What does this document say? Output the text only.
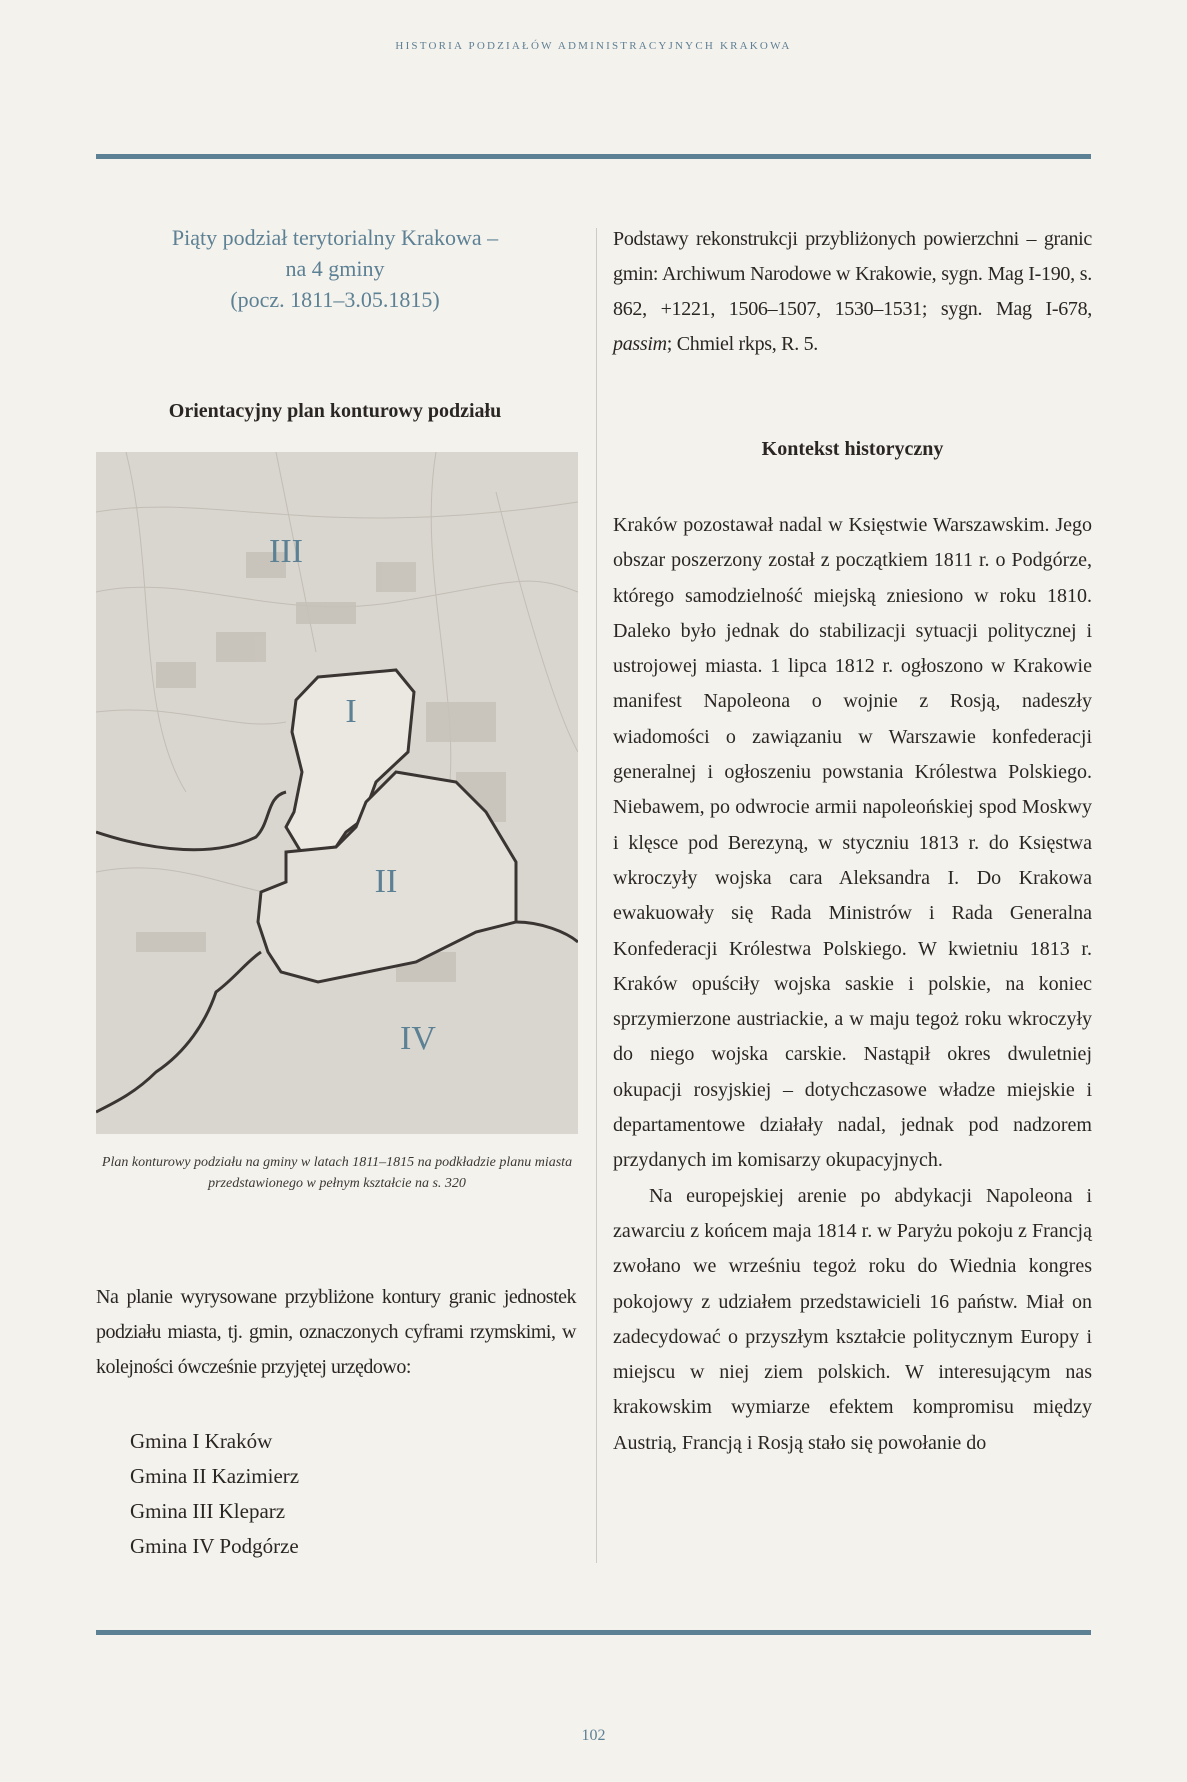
HISTORIA PODZIAŁÓW ADMINISTRACYJNYCH KRAKOWA
Piąty podział terytorialny Krakowa –
na 4 gminy
(pocz. 1811–3.05.1815)
Orientacyjny plan konturowy podziału
III
I
II
IV
Plan konturowy podziału na gminy w latach 1811–1815 na podkładzie planu miasta przedstawionego w pełnym kształcie na s. 320
Na planie wyrysowane przybliżone kontury granic jednostek podziału miasta, tj. gmin, oznaczonych cyframi rzymskimi, w kolejności ówcześnie przyjętej urzędowo:
Gmina I Kraków
Gmina II Kazimierz
Gmina III Kleparz
Gmina IV Podgórze
Podstawy rekonstrukcji przybliżonych powierzchni – granic gmin: Archiwum Narodowe w Krakowie, sygn. Mag I-190, s. 862, +1221, 1506–1507, 1530–1531; sygn. Mag I-678, passim; Chmiel rkps, R. 5.
Kontekst historyczny

Kraków pozostawał nadal w Księstwie Warszawskim. Jego obszar poszerzony został z początkiem 1811 r. o Podgórze, którego samodzielność miejską zniesiono w roku 1810. Daleko było jednak do stabilizacji sytuacji politycznej i ustrojowej miasta. 1 lipca 1812 r. ogłoszono w Krakowie manifest Napoleona o wojnie z Rosją, nadeszły wiadomości o zawiązaniu w Warszawie konfederacji generalnej i ogłoszeniu powstania Królestwa Polskiego. Niebawem, po odwrocie armii napoleońskiej spod Moskwy i klęsce pod Berezyną, w styczniu 1813 r. do Księstwa wkroczyły wojska cara Aleksandra I. Do Krakowa ewakuowały się Rada Ministrów i Rada Generalna Konfederacji Królestwa Polskiego. W kwietniu 1813 r. Kraków opuściły wojska saskie i polskie, na koniec sprzymierzone austriackie, a w maju tegoż roku wkroczyły do niego wojska carskie. Nastąpił okres dwuletniej okupacji rosyjskiej – dotychczasowe władze miejskie i departamentowe działały nadal, jednak pod nadzorem przydanych im komisarzy okupacyjnych.

Na europejskiej arenie po abdykacji Napoleona i zawarciu z końcem maja 1814 r. w Paryżu pokoju z Francją zwołano we wrześniu tegoż roku do Wiednia kongres pokojowy z udziałem przedstawicieli 16 państw. Miał on zadecydować o przyszłym kształcie politycznym Europy i miejscu w niej ziem polskich. W interesującym nas krakowskim wymiarze efektem kompromisu między Austrią, Francją i Rosją stało się powołanie do

102
